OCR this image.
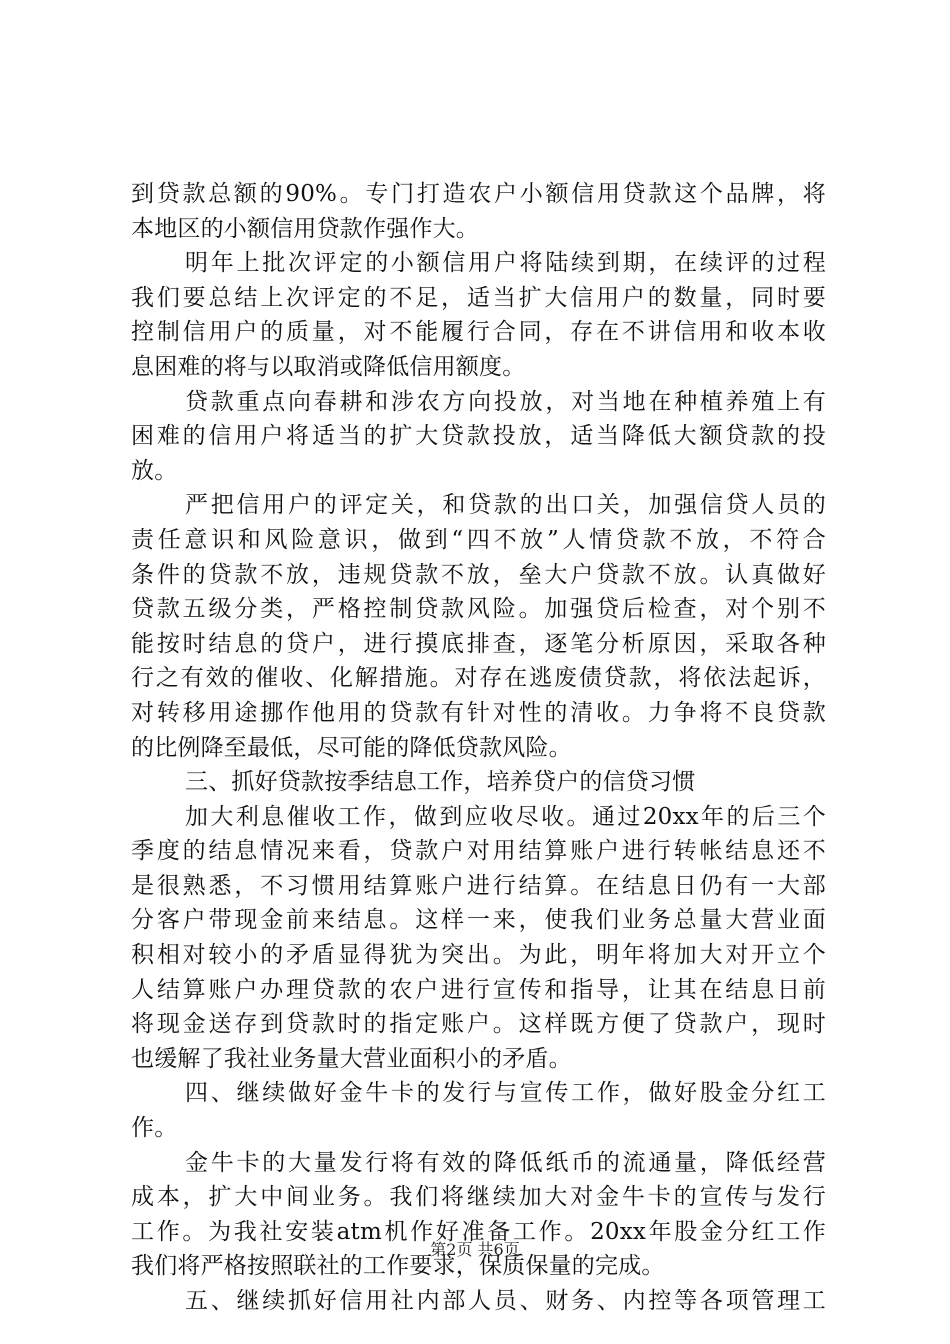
到贷款总额的90%。专门打造农户小额信用贷款这个品牌，将
本地区的小额信用贷款作强作大。
明年上批次评定的小额信用户将陆续到期，在续评的过程
我们要总结上次评定的不足，适当扩大信用户的数量，同时要
控制信用户的质量，对不能履行合同，存在不讲信用和收本收
息困难的将与以取消或降低信用额度。
贷款重点向春耕和涉农方向投放，对当地在种植养殖上有
困难的信用户将适当的扩大贷款投放，适当降低大额贷款的投
放。
严把信用户的评定关，和贷款的出口关，加强信贷人员的
责任意识和风险意识，做到“四不放”人情贷款不放，不符合
条件的贷款不放，违规贷款不放，垒大户贷款不放。认真做好
贷款五级分类，严格控制贷款风险。加强贷后检查，对个别不
能按时结息的贷户，进行摸底排查，逐笔分析原因，采取各种
行之有效的催收、化解措施。对存在逃废债贷款，将依法起诉，
对转移用途挪作他用的贷款有针对性的清收。力争将不良贷款
的比例降至最低，尽可能的降低贷款风险。
三、抓好贷款按季结息工作，培养贷户的信贷习惯
加大利息催收工作，做到应收尽收。通过20xx年的后三个
季度的结息情况来看，贷款户对用结算账户进行转帐结息还不
是很熟悉，不习惯用结算账户进行结算。在结息日仍有一大部
分客户带现金前来结息。这样一来，使我们业务总量大营业面
积相对较小的矛盾显得犹为突出。为此，明年将加大对开立个
人结算账户办理贷款的农户进行宣传和指导，让其在结息日前
将现金送存到贷款时的指定账户。这样既方便了贷款户，现时
也缓解了我社业务量大营业面积小的矛盾。
四、继续做好金牛卡的发行与宣传工作，做好股金分红工
作。
金牛卡的大量发行将有效的降低纸币的流通量，降低经营
成本，扩大中间业务。我们将继续加大对金牛卡的宣传与发行
工作。为我社安装atm机作好准备工作。20xx年股金分红工作
我们将严格按照联社的工作要求，保质保量的完成。
五、继续抓好信用社内部人员、财务、内控等各项管理工
第2页 共6页
